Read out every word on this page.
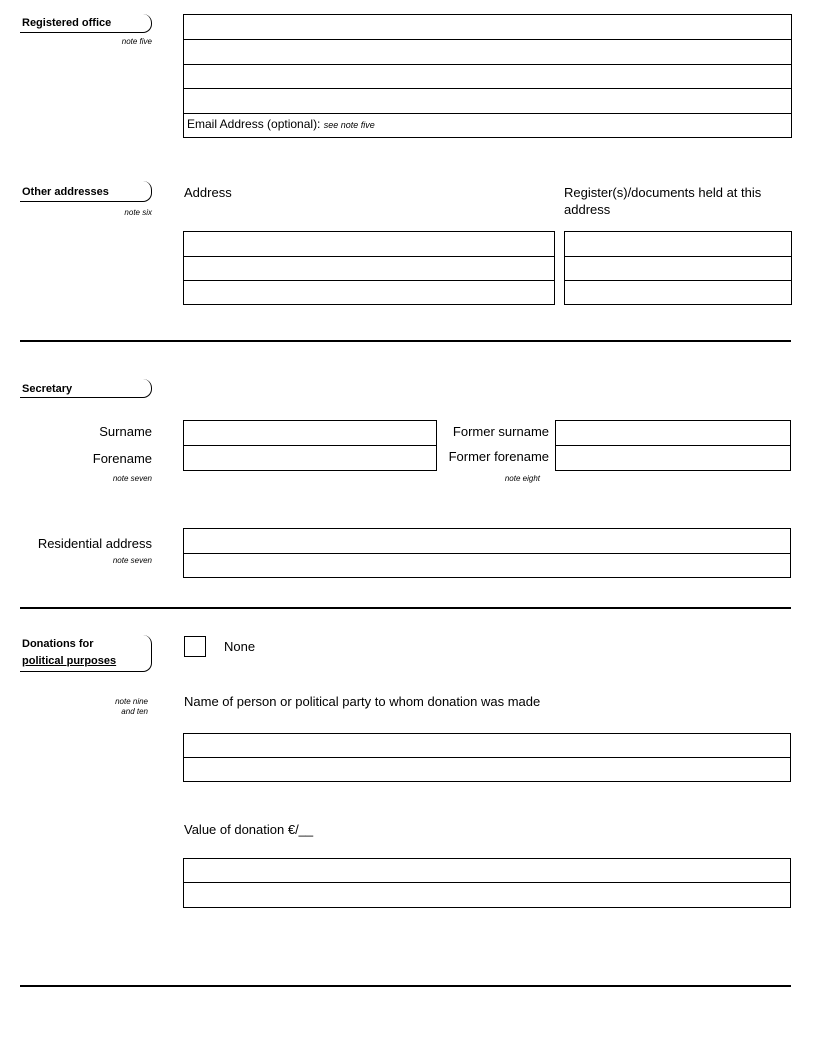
Registered office
note five
Email Address (optional): see note five
Other addresses
note six
Address	Register(s)/documents held at this address
Secretary
Surname
Forename
note seven
Former surname
Former forename
note eight
Residential address
note seven
Donations for
political purposes
note nine
and ten
None
Name of person or political party to whom donation was made
Value of donation €/__
